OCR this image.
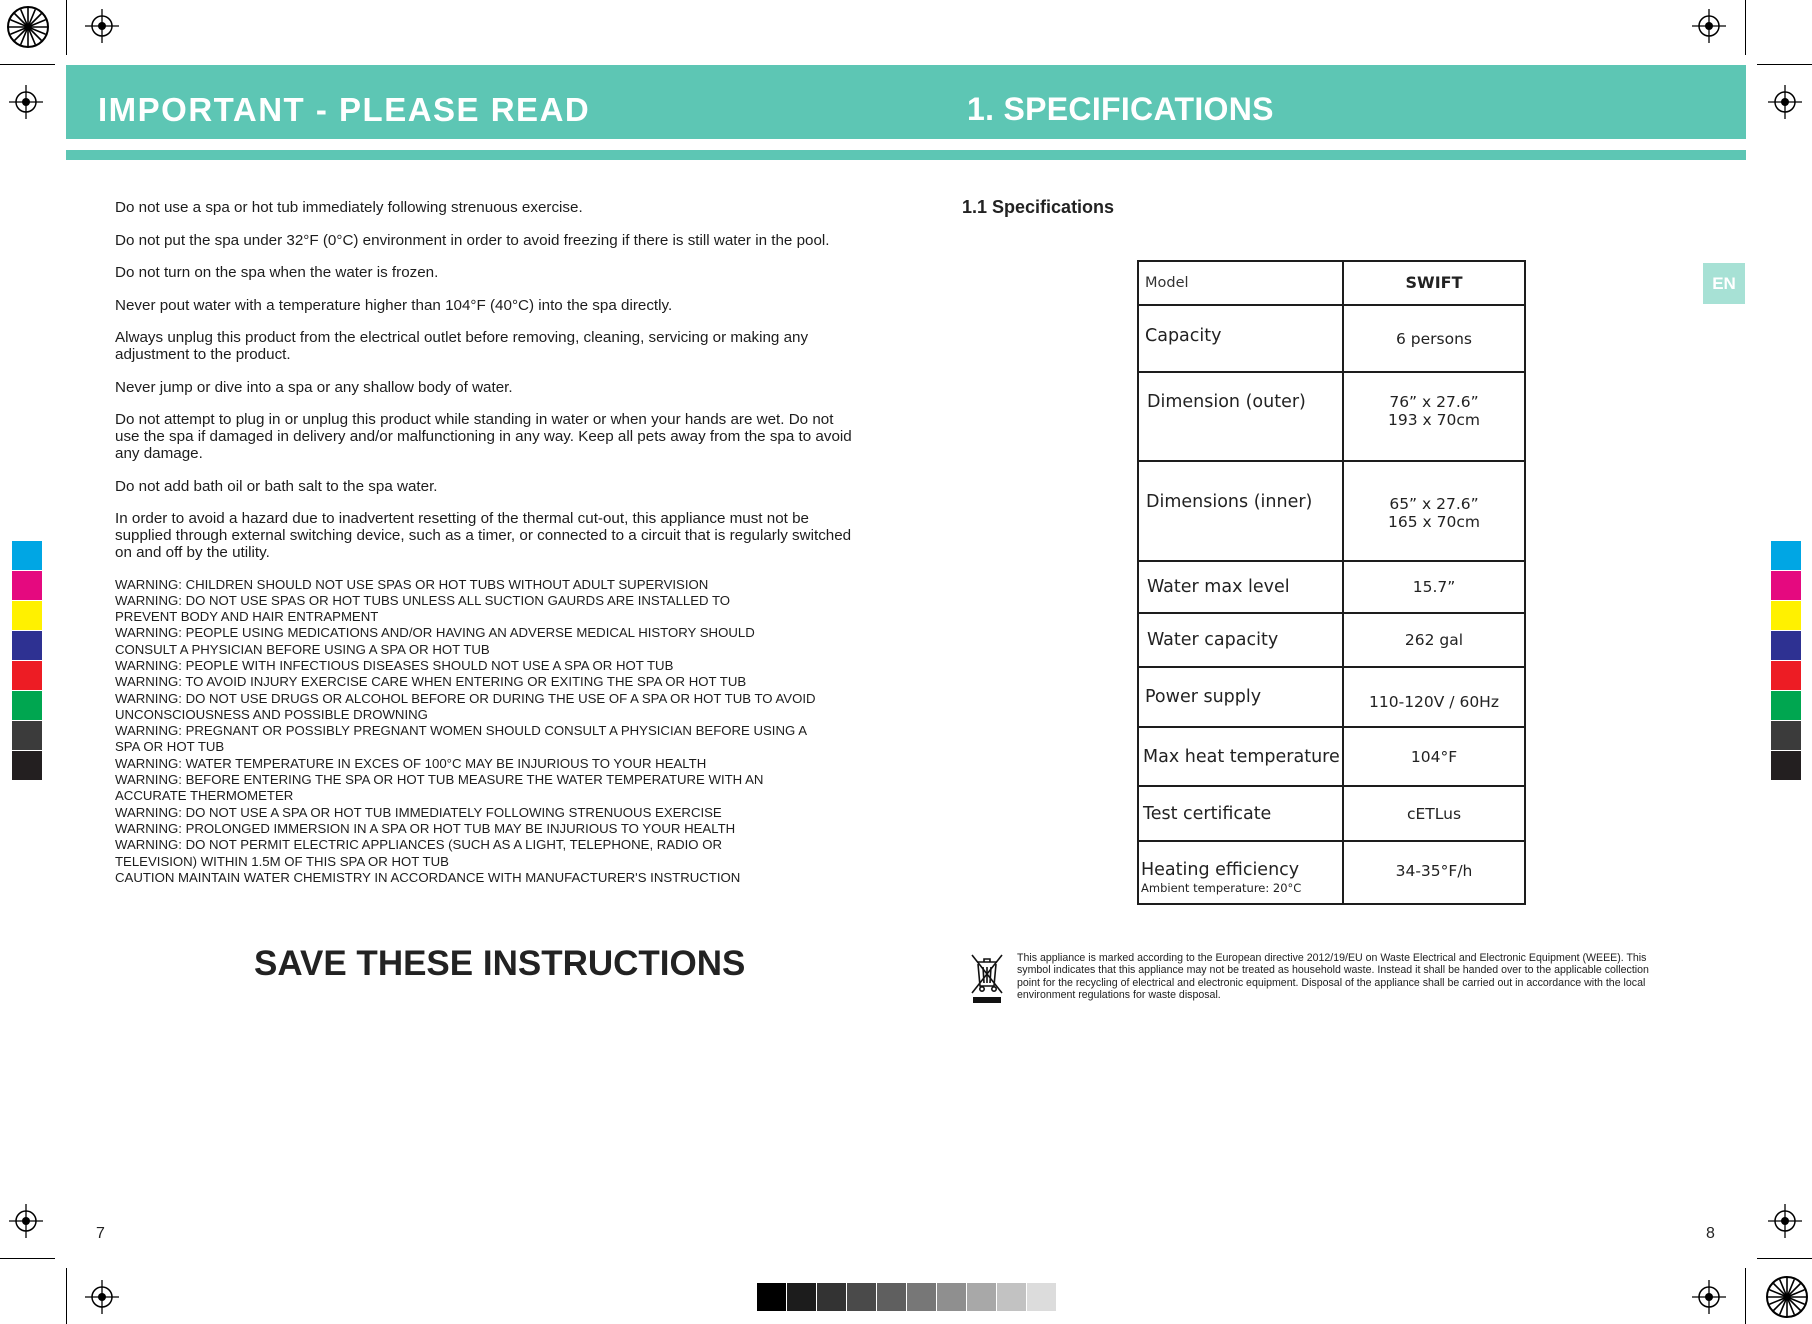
IMPORTANT - PLEASE READ	1. SPECIFICATIONS

Do not use a spa or hot tub immediately following strenuous exercise.

Do not put the spa under 32°F (0°C) environment in order to avoid freezing if there is still water in the pool.

Do not turn on the spa when the water is frozen.

Never pout water with a temperature higher than 104°F (40°C) into the spa directly.

Always unplug this product from the electrical outlet before removing, cleaning, servicing or making any adjustment to the product.

Never jump or dive into a spa or any shallow body of water.

Do not attempt to plug in or unplug this product while standing in water or when your hands are wet. Do not use the spa if damaged in delivery and/or malfunctioning in any way. Keep all pets away from the spa to avoid any damage.

Do not add bath oil or bath salt to the spa water.

In order to avoid a hazard due to inadvertent resetting of the thermal cut-out, this appliance must not be supplied through external switching device, such as a timer, or connected to a circuit that is regularly switched on and off by the utility.

WARNING: CHILDREN SHOULD NOT USE SPAS OR HOT TUBS WITHOUT ADULT SUPERVISION
WARNING: DO NOT USE SPAS OR HOT TUBS UNLESS ALL SUCTION GAURDS ARE INSTALLED TO PREVENT BODY AND HAIR ENTRAPMENT
WARNING: PEOPLE USING MEDICATIONS AND/OR HAVING AN ADVERSE MEDICAL HISTORY SHOULD CONSULT A PHYSICIAN BEFORE USING A SPA OR HOT TUB
WARNING: PEOPLE WITH INFECTIOUS DISEASES SHOULD NOT USE A SPA OR HOT TUB
WARNING: TO AVOID INJURY EXERCISE CARE WHEN ENTERING OR EXITING THE SPA OR HOT TUB
WARNING: DO NOT USE DRUGS OR ALCOHOL BEFORE OR DURING THE USE OF A SPA OR HOT TUB TO AVOID UNCONSCIOUSNESS AND POSSIBLE DROWNING
WARNING: PREGNANT OR POSSIBLY PREGNANT WOMEN SHOULD CONSULT A PHYSICIAN BEFORE USING A SPA OR HOT TUB
WARNING: WATER TEMPERATURE IN EXCES OF 100°C MAY BE INJURIOUS TO YOUR HEALTH
WARNING: BEFORE ENTERING THE SPA OR HOT TUB MEASURE THE WATER TEMPERATURE WITH AN ACCURATE THERMOMETER
WARNING: DO NOT USE A SPA OR HOT TUB IMMEDIATELY FOLLOWING STRENUOUS EXERCISE
WARNING: PROLONGED IMMERSION IN A SPA OR HOT TUB MAY BE INJURIOUS TO YOUR HEALTH
WARNING: DO NOT PERMIT ELECTRIC APPLIANCES (SUCH AS A LIGHT, TELEPHONE, RADIO OR TELEVISION) WITHIN 1.5M OF THIS SPA OR HOT TUB
CAUTION MAINTAIN WATER CHEMISTRY IN ACCORDANCE WITH MANUFACTURER'S INSTRUCTION
SAVE THESE INSTRUCTIONS
1.1 Specifications
Model	SWIFT
Capacity	6 persons
Dimension (outer)	76” x 27.6”
193 x 70cm

Dimensions (inner)	65” x 27.6”
165 x 70cm

Water max level	15.7”
Water capacity	262 gal
Power supply	110-120V / 60Hz
Max heat temperature	104°F
Test certificate	cETLus
Heating efficiency
Ambient temperature: 20°C	34-35°F/h
EN
This appliance is marked according to the European directive 2012/19/EU on Waste Electrical and Electronic Equipment (WEEE). This symbol indicates that this appliance may not be treated as household waste. Instead it shall be handed over to the applicable collection point for the recycling of electrical and electronic equipment. Disposal of the appliance shall be carried out in accordance with the local environment regulations for waste disposal.
7	8
